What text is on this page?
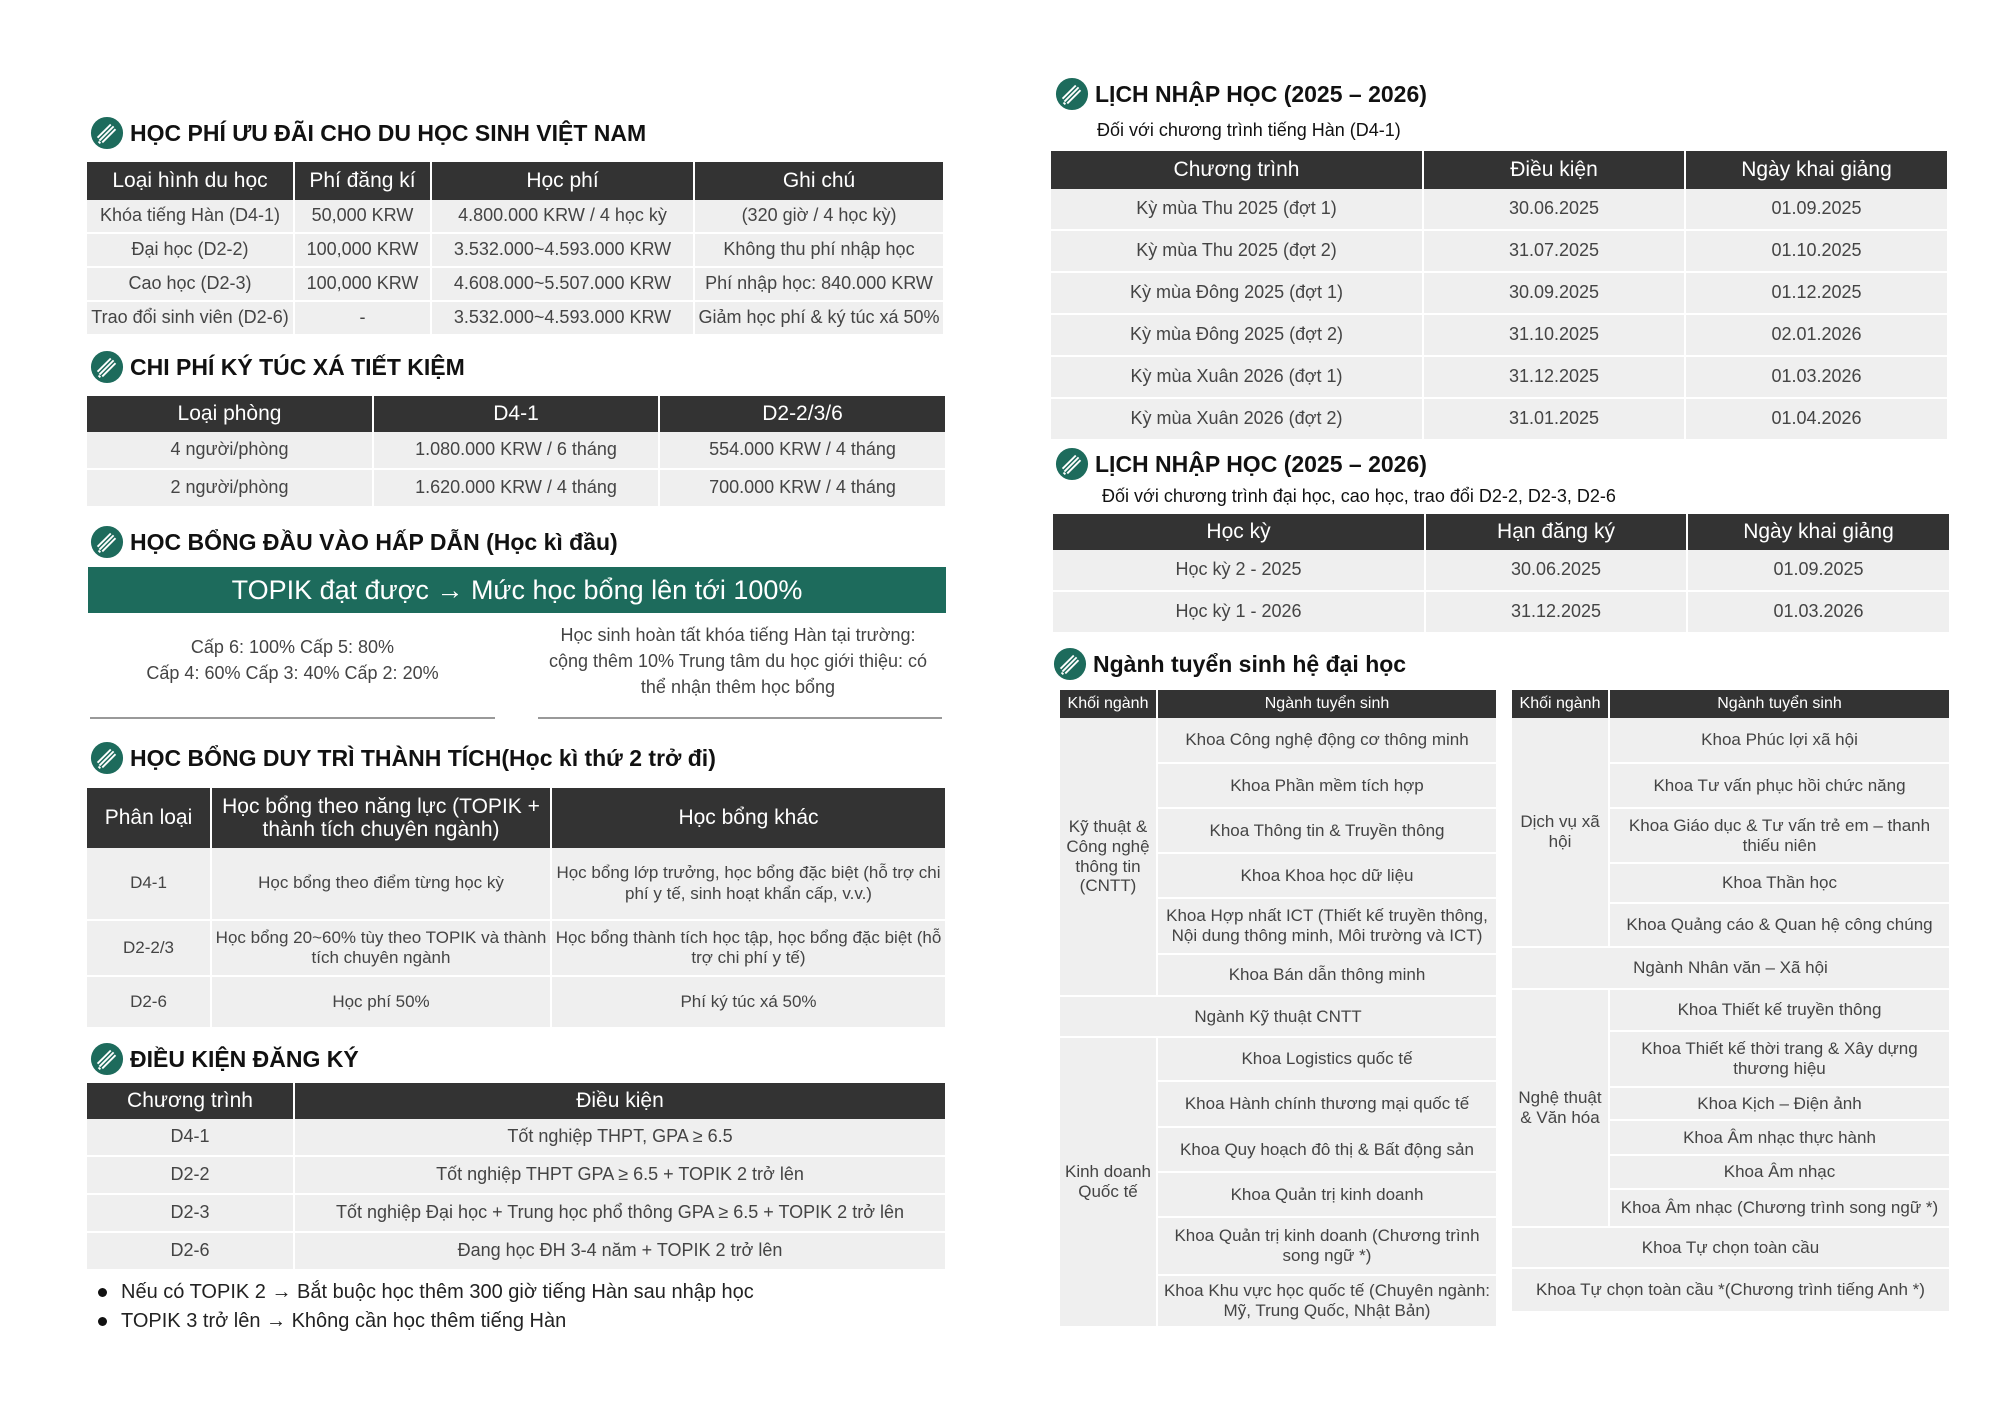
HỌC PHÍ ƯU ĐÃI CHO DU HỌC SINH VIỆT NAM
Loại hình du học	Phí đăng kí	Học phí	Ghi chú
Khóa tiếng Hàn (D4-1)	50,000 KRW	4.800.000 KRW / 4 học kỳ	(320 giờ / 4 học kỳ)
Đại học (D2-2)	100,000 KRW	3.532.000~4.593.000 KRW	Không thu phí nhập học
Cao học (D2-3)	100,000 KRW	4.608.000~5.507.000 KRW	Phí nhập học: 840.000 KRW
Trao đổi sinh viên (D2-6)	-	3.532.000~4.593.000 KRW	Giảm học phí & ký túc xá 50%
CHI PHÍ KÝ TÚC XÁ TIẾT KIỆM
Loại phòng	D4-1	D2-2/3/6
4 người/phòng	1.080.000 KRW / 6 tháng	554.000 KRW / 4 tháng
2 người/phòng	1.620.000 KRW / 4 tháng	700.000 KRW / 4 tháng
HỌC BỔNG ĐẦU VÀO HẤP DẪN (Học kì đầu)
TOPIK đạt được → Mức học bổng lên tới 100%
Cấp 6: 100% Cấp 5: 80%
Cấp 4: 60% Cấp 3: 40% Cấp 2: 20%
Học sinh hoàn tất khóa tiếng Hàn tại trường:
cộng thêm 10% Trung tâm du học giới thiệu: có
thể nhận thêm học bổng
HỌC BỔNG DUY TRÌ THÀNH TÍCH(Học kì thứ 2 trở đi)
Phân loại	Học bổng theo năng lực (TOPIK + thành tích chuyên ngành)	Học bổng khác
D4-1	Học bổng theo điểm từng học kỳ	Học bổng lớp trưởng, học bổng đặc biệt (hỗ trợ chi phí y tế, sinh hoạt khẩn cấp, v.v.)
D2-2/3	Học bổng 20~60% tùy theo TOPIK và thành tích chuyên ngành	Học bổng thành tích học tập, học bổng đặc biệt (hỗ trợ chi phí y tế)
D2-6	Học phí 50%	Phí ký túc xá 50%
ĐIỀU KIỆN ĐĂNG KÝ
Chương trình	Điều kiện
D4-1	Tốt nghiệp THPT, GPA ≥ 6.5
D2-2	Tốt nghiệp THPT GPA ≥ 6.5 + TOPIK 2 trở lên
D2-3	Tốt nghiệp Đại học + Trung học phổ thông GPA ≥ 6.5 + TOPIK 2 trở lên
D2-6	Đang học ĐH 3-4 năm + TOPIK 2 trở lên
Nếu có TOPIK 2 → Bắt buộc học thêm 300 giờ tiếng Hàn sau nhập học
TOPIK 3 trở lên → Không cần học thêm tiếng Hàn
LỊCH NHẬP HỌC (2025 – 2026)
Đối với chương trình tiếng Hàn (D4-1)
Chương trình	Điều kiện	Ngày khai giảng
Kỳ mùa Thu 2025 (đợt 1)	30.06.2025	01.09.2025
Kỳ mùa Thu 2025 (đợt 2)	31.07.2025	01.10.2025
Kỳ mùa Đông 2025 (đợt 1)	30.09.2025	01.12.2025
Kỳ mùa Đông 2025 (đợt 2)	31.10.2025	02.01.2026
Kỳ mùa Xuân 2026 (đợt 1)	31.12.2025	01.03.2026
Kỳ mùa Xuân 2026 (đợt 2)	31.01.2025	01.04.2026
LỊCH NHẬP HỌC (2025 – 2026)
Đối với chương trình đại học, cao học, trao đổi D2-2, D2-3, D2-6
Học kỳ	Hạn đăng ký	Ngày khai giảng
Học kỳ 2 - 2025	30.06.2025	01.09.2025
Học kỳ 1 - 2026	31.12.2025	01.03.2026
Ngành tuyển sinh hệ đại học
Khối ngành	Ngành tuyển sinh
Kỹ thuật & Công nghệ thông tin (CNTT)	Khoa Công nghệ động cơ thông minh
	Khoa Phần mềm tích hợp
	Khoa Thông tin & Truyền thông
	Khoa Khoa học dữ liệu
	Khoa Hợp nhất ICT (Thiết kế truyền thông, Nội dung thông minh, Môi trường và ICT)
	Khoa Bán dẫn thông minh
Ngành Kỹ thuật CNTT	
Kinh doanh Quốc tế	Khoa Logistics quốc tế
	Khoa Hành chính thương mại quốc tế
	Khoa Quy hoạch đô thị & Bất động sản
	Khoa Quản trị kinh doanh
	Khoa Quản trị kinh doanh (Chương trình song ngữ *)
	Khoa Khu vực học quốc tế (Chuyên ngành: Mỹ, Trung Quốc, Nhật Bản)
Khối ngành	Ngành tuyển sinh
Dịch vụ xã hội	Khoa Phúc lợi xã hội
	Khoa Tư vấn phục hồi chức năng
	Khoa Giáo dục & Tư vấn trẻ em – thanh thiếu niên
	Khoa Thần học
	Khoa Quảng cáo & Quan hệ công chúng
Ngành Nhân văn – Xã hội	
Nghệ thuật & Văn hóa	Khoa Thiết kế truyền thông
	Khoa Thiết kế thời trang & Xây dựng thương hiệu
	Khoa Kịch – Điện ảnh
	Khoa Âm nhạc thực hành
	Khoa Âm nhạc
	Khoa Âm nhạc (Chương trình song ngữ *)
Khoa Tự chọn toàn cầu	
Khoa Tự chọn toàn cầu *(Chương trình tiếng Anh *)	
